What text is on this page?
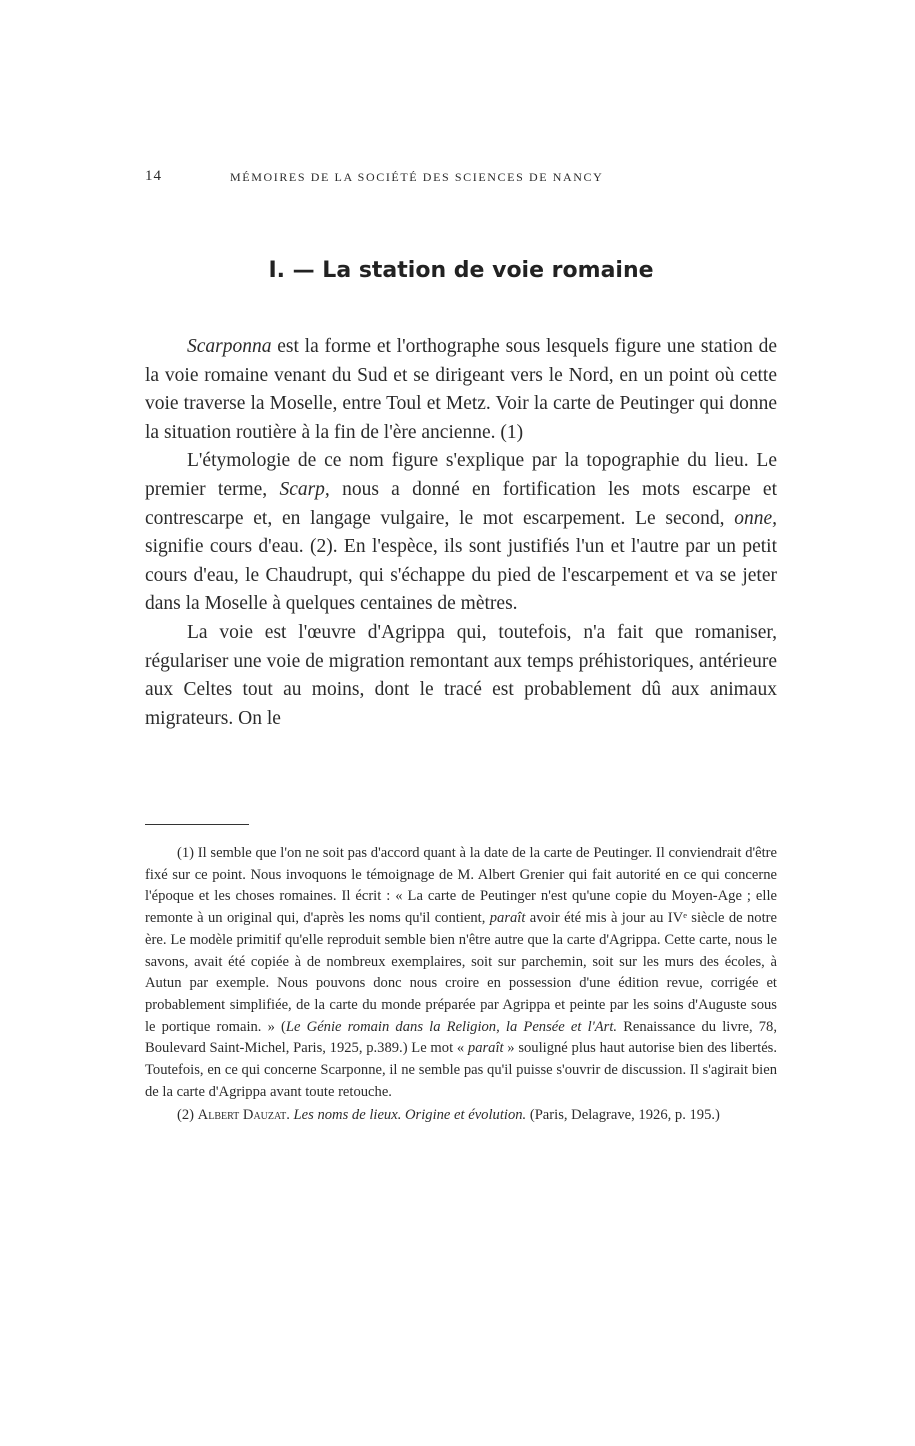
14	MÉMOIRES DE LA SOCIÉTÉ DES SCIENCES DE NANCY
I. — La station de voie romaine

Scarponna est la forme et l'orthographe sous lesquels figure une station de la voie romaine venant du Sud et se dirigeant vers le Nord, en un point où cette voie traverse la Moselle, entre Toul et Metz. Voir la carte de Peutinger qui donne la situation routière à la fin de l'ère ancienne. (1)

L'étymologie de ce nom figure s'explique par la topographie du lieu. Le premier terme, Scarp, nous a donné en fortification les mots escarpe et contrescarpe et, en langage vulgaire, le mot escarpement. Le second, onne, signifie cours d'eau. (2). En l'espèce, ils sont justifiés l'un et l'autre par un petit cours d'eau, le Chaudrupt, qui s'échappe du pied de l'escarpement et va se jeter dans la Moselle à quelques centaines de mètres.

La voie est l'œuvre d'Agrippa qui, toutefois, n'a fait que romaniser, régulariser une voie de migration remontant aux temps préhistoriques, antérieure aux Celtes tout au moins, dont le tracé est probablement dû aux animaux migrateurs. On le

(1) Il semble que l'on ne soit pas d'accord quant à la date de la carte de Peutinger. Il conviendrait d'être fixé sur ce point. Nous invoquons le témoignage de M. Albert Grenier qui fait autorité en ce qui concerne l'époque et les choses romaines. Il écrit : « La carte de Peutinger n'est qu'une copie du Moyen-Age ; elle remonte à un original qui, d'après les noms qu'il contient, paraît avoir été mis à jour au IVᵉ siècle de notre ère. Le modèle primitif qu'elle reproduit semble bien n'être autre que la carte d'Agrippa. Cette carte, nous le savons, avait été copiée à de nombreux exemplaires, soit sur parchemin, soit sur les murs des écoles, à Autun par exemple. Nous pouvons donc nous croire en possession d'une édition revue, corrigée et probablement simplifiée, de la carte du monde préparée par Agrippa et peinte par les soins d'Auguste sous le portique romain. » (Le Génie romain dans la Religion, la Pensée et l'Art. Renaissance du livre, 78, Boulevard Saint-Michel, Paris, 1925, p.389.) Le mot « paraît » souligné plus haut autorise bien des libertés. Toutefois, en ce qui concerne Scarponne, il ne semble pas qu'il puisse s'ouvrir de discussion. Il s'agirait bien de la carte d'Agrippa avant toute retouche.

(2) Albert Dauzat. Les noms de lieux. Origine et évolution. (Paris, Delagrave, 1926, p. 195.)
